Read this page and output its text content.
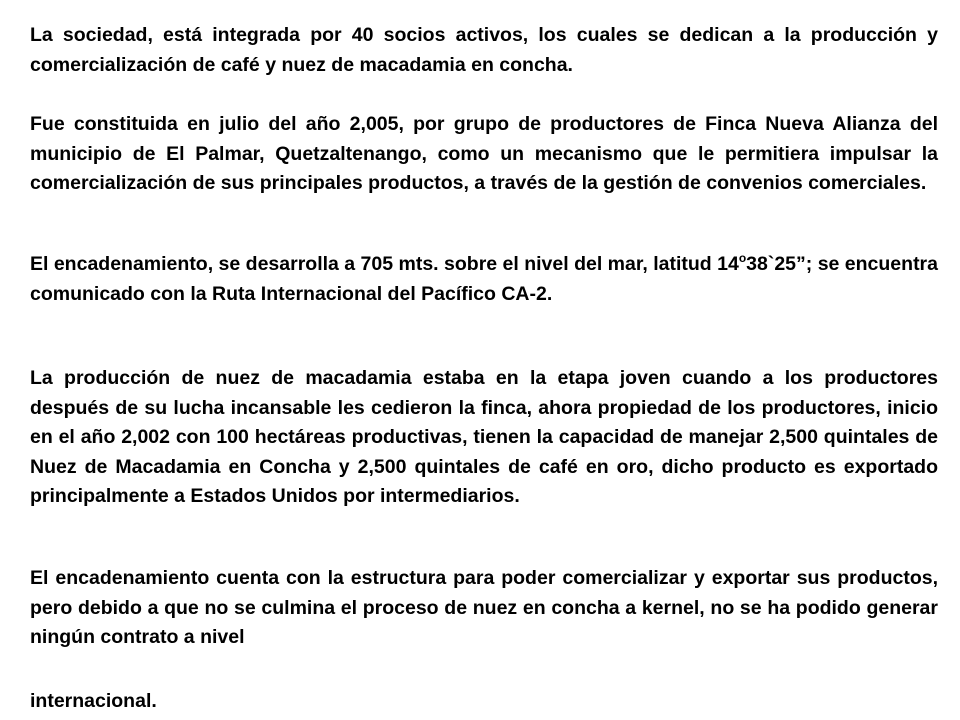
La sociedad, está integrada por 40 socios activos, los cuales se dedican a la producción y comercialización de café y nuez de macadamia en concha.

Fue constituida en julio del año 2,005, por grupo de productores de Finca Nueva Alianza del municipio de El Palmar, Quetzaltenango, como un mecanismo que le permitiera impulsar la comercialización de sus principales productos, a través de la gestión de convenios comerciales.

El encadenamiento, se desarrolla a 705 mts. sobre el nivel del mar, latitud 14$^o$38`25”; se encuentra comunicado con la Ruta Internacional del Pacífico CA-2.

La producción de nuez de macadamia estaba en la etapa joven cuando a los productores después de su lucha incansable les cedieron la finca, ahora propiedad de los productores, inicio en el año 2,002 con 100 hectáreas productivas, tienen la capacidad de manejar 2,500 quintales de Nuez de Macadamia en Concha y 2,500 quintales de café en oro, dicho producto es exportado principalmente a Estados Unidos por intermediarios.

El encadenamiento cuenta con la estructura para poder comercializar y exportar sus productos, pero debido a que no se culmina el proceso de nuez en concha a kernel, no se ha podido generar ningún contrato a nivel
internacional.
